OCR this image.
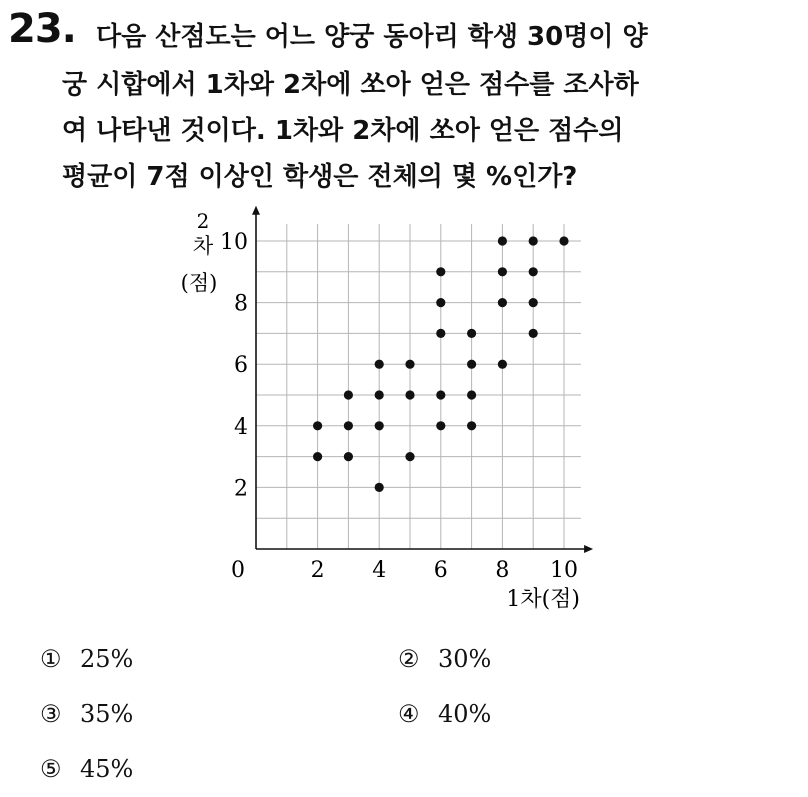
23. 다음 산점도는 어느 양궁 동아리 학생 30명이 양
궁 시합에서 1차와 2차에 쏘아 얻은 점수를 조사하
여 나타낸 것이다. 1차와 2차에 쏘아 얻은 점수의
평균이 7점 이상인 학생은 전체의 몇 %인가?
0	2 4 6 8 10
2
4
6
8
10
1차(점)
2
차
(점)
① 25%	② 30%
③ 35%	④ 40%
⑤ 45%
